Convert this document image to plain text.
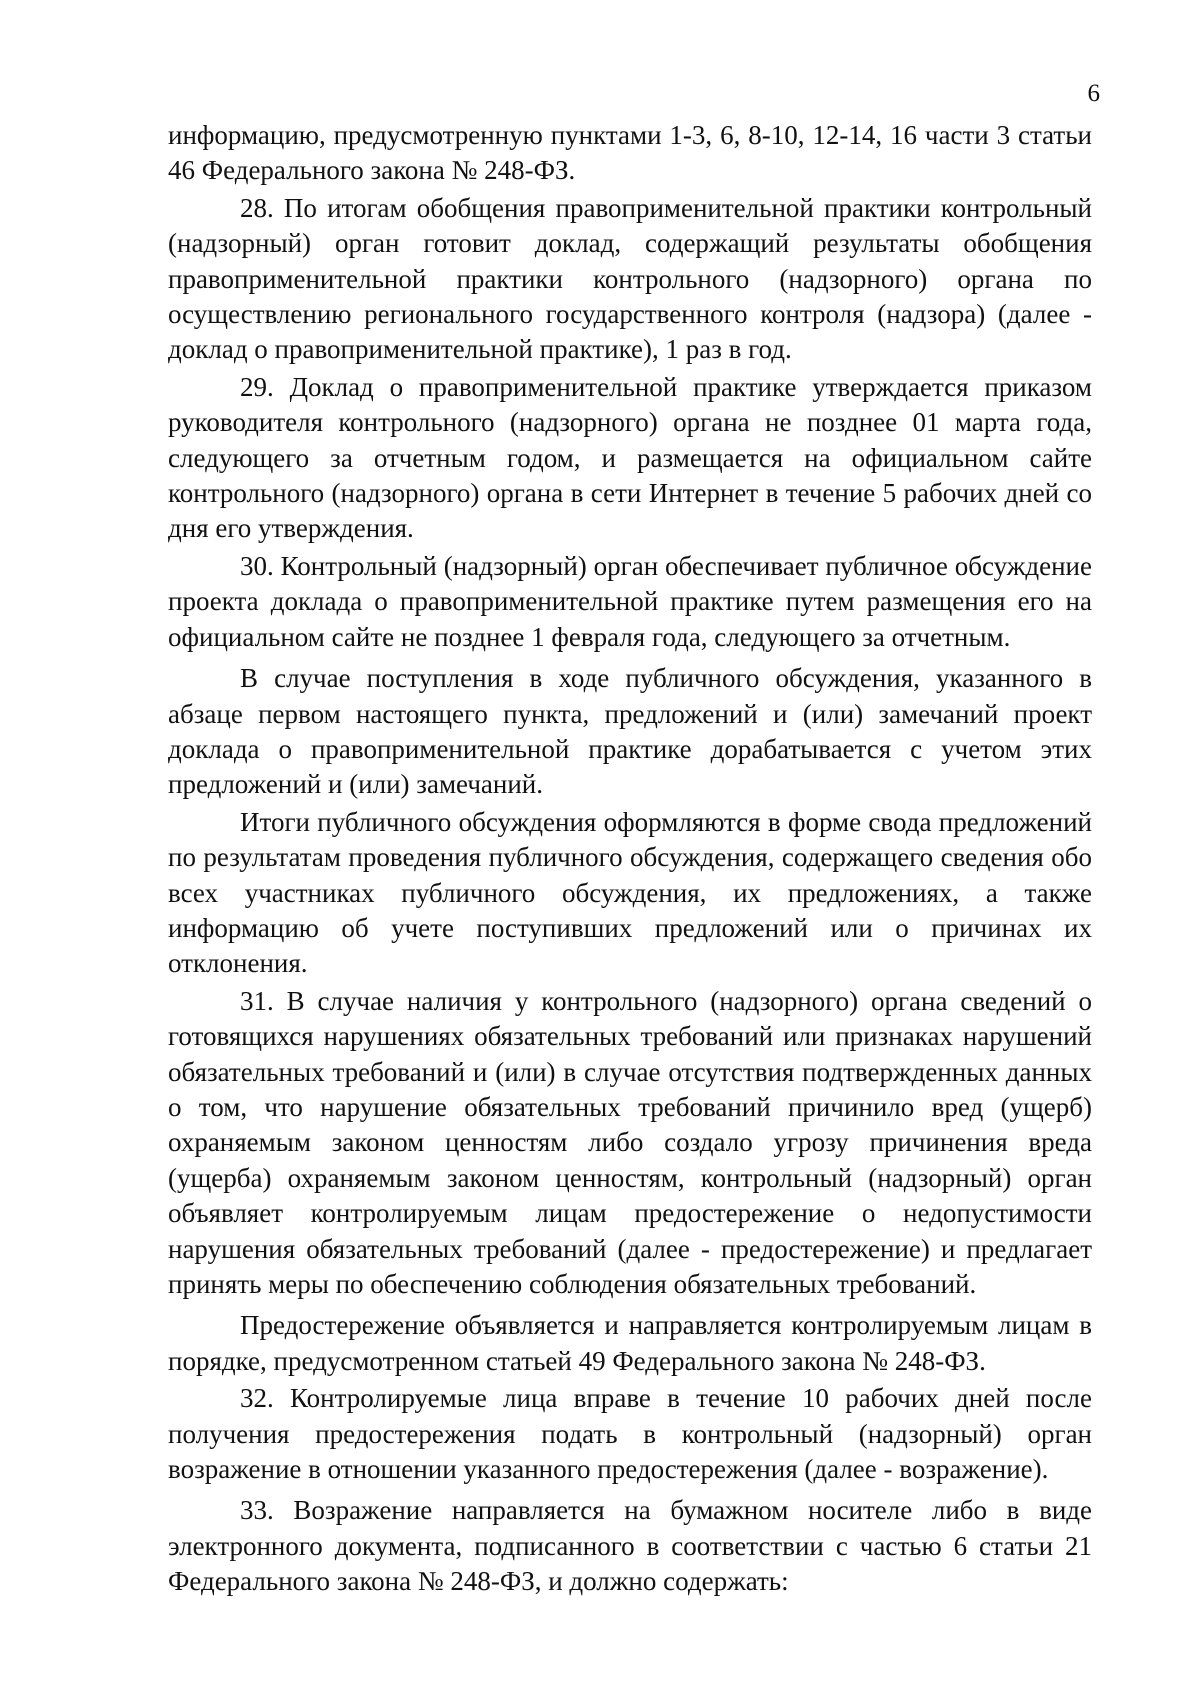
6

информацию, предусмотренную пунктами 1-3, 6, 8-10, 12-14, 16 части 3 статьи 46 Федерального закона № 248-ФЗ.

28. По итогам обобщения правоприменительной практики контрольный (надзорный) орган готовит доклад, содержащий результаты обобщения правоприменительной практики контрольного (надзорного) органа по осуществлению регионального государственного контроля (надзора) (далее - доклад о правоприменительной практике), 1 раз в год.

29. Доклад о правоприменительной практике утверждается приказом руководителя контрольного (надзорного) органа не позднее 01 марта года, следующего за отчетным годом, и размещается на официальном сайте контрольного (надзорного) органа в сети Интернет в течение 5 рабочих дней со дня его утверждения.

30. Контрольный (надзорный) орган обеспечивает публичное обсуждение проекта доклада о правоприменительной практике путем размещения его на официальном сайте не позднее 1 февраля года, следующего за отчетным.

В случае поступления в ходе публичного обсуждения, указанного в абзаце первом настоящего пункта, предложений и (или) замечаний проект доклада о правоприменительной практике дорабатывается с учетом этих предложений и (или) замечаний.

Итоги публичного обсуждения оформляются в форме свода предложений по результатам проведения публичного обсуждения, содержащего сведения обо всех участниках публичного обсуждения, их предложениях, а также информацию об учете поступивших предложений или о причинах их отклонения.

31. В случае наличия у контрольного (надзорного) органа сведений о готовящихся нарушениях обязательных требований или признаках нарушений обязательных требований и (или) в случае отсутствия подтвержденных данных о том, что нарушение обязательных требований причинило вред (ущерб) охраняемым законом ценностям либо создало угрозу причинения вреда (ущерба) охраняемым законом ценностям, контрольный (надзорный) орган объявляет контролируемым лицам предостережение о недопустимости нарушения обязательных требований (далее - предостережение) и предлагает принять меры по обеспечению соблюдения обязательных требований.

Предостережение объявляется и направляется контролируемым лицам в порядке, предусмотренном статьей 49 Федерального закона № 248-ФЗ.

32. Контролируемые лица вправе в течение 10 рабочих дней после получения предостережения подать в контрольный (надзорный) орган возражение в отношении указанного предостережения (далее - возражение).

33. Возражение направляется на бумажном носителе либо в виде электронного документа, подписанного в соответствии с частью 6 статьи 21 Федерального закона № 248-ФЗ, и должно содержать:
